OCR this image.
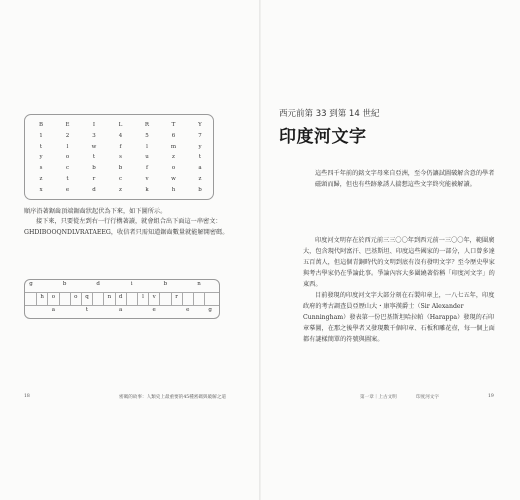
B	E	I	L	R	T	Y
1	2	3	4	5	6	7
t	l	w	f	l	m	y
y	o	t	s	u	z	t
s	c	b	b	f	o	a
z	t	r	c	v	w	z
x	e	d	z	k	h	b

順序沿著鋸齒頂端鋸齒狀起伏為下來，如下圖所示。

接下來，只要從左到右一行行構著讀，就會組合出下面這一串密文：GHDIBOOQNDLVRATAEEG，收信者只需知道鋸齒數量就能解開密碼。

g	b	d	i	b	n
h	o	o	q	n	d	l	v	r
a	t	a	e	e	g
18	密碼的故事：人類史上最重要的45種密碼與破解之道
西元前第 33 到第 14 世紀
印度河文字

這些四千年前的銘文字母來自亞洲，至今仍讓試圖破解含意的學者磁頭而歸，但也有些跡象誘人揣想這些文字終究能被解讀。

印度河文明存在於西元前三三〇〇年到西元前一三〇〇年，範圍廣大，包含現代阿富汗、巴基斯坦、印度這些國家的一部分，人口曾多達五百萬人，但這個青銅時代的文明到底有沒有發明文字？至今歷史學家與考古學家仍在爭論此事。爭論內容大多圍繞著俗稱「印度河文字」的東西。

目前發現的印度河文字大部分刻在石製印章上，一八七五年，印度政府的考古調查員亞歷山大・康寧漢爵士（Sir Alexander Cunningham）發表第一份巴基斯坦哈拉帕（Harappa）發現的石印章摹圖，在那之後學者又發現數千個印章、石板和雕花壺，每一個上面都有謎樣簡單的符號與圖案。

第一章｜上古文明	印度河文字	19
